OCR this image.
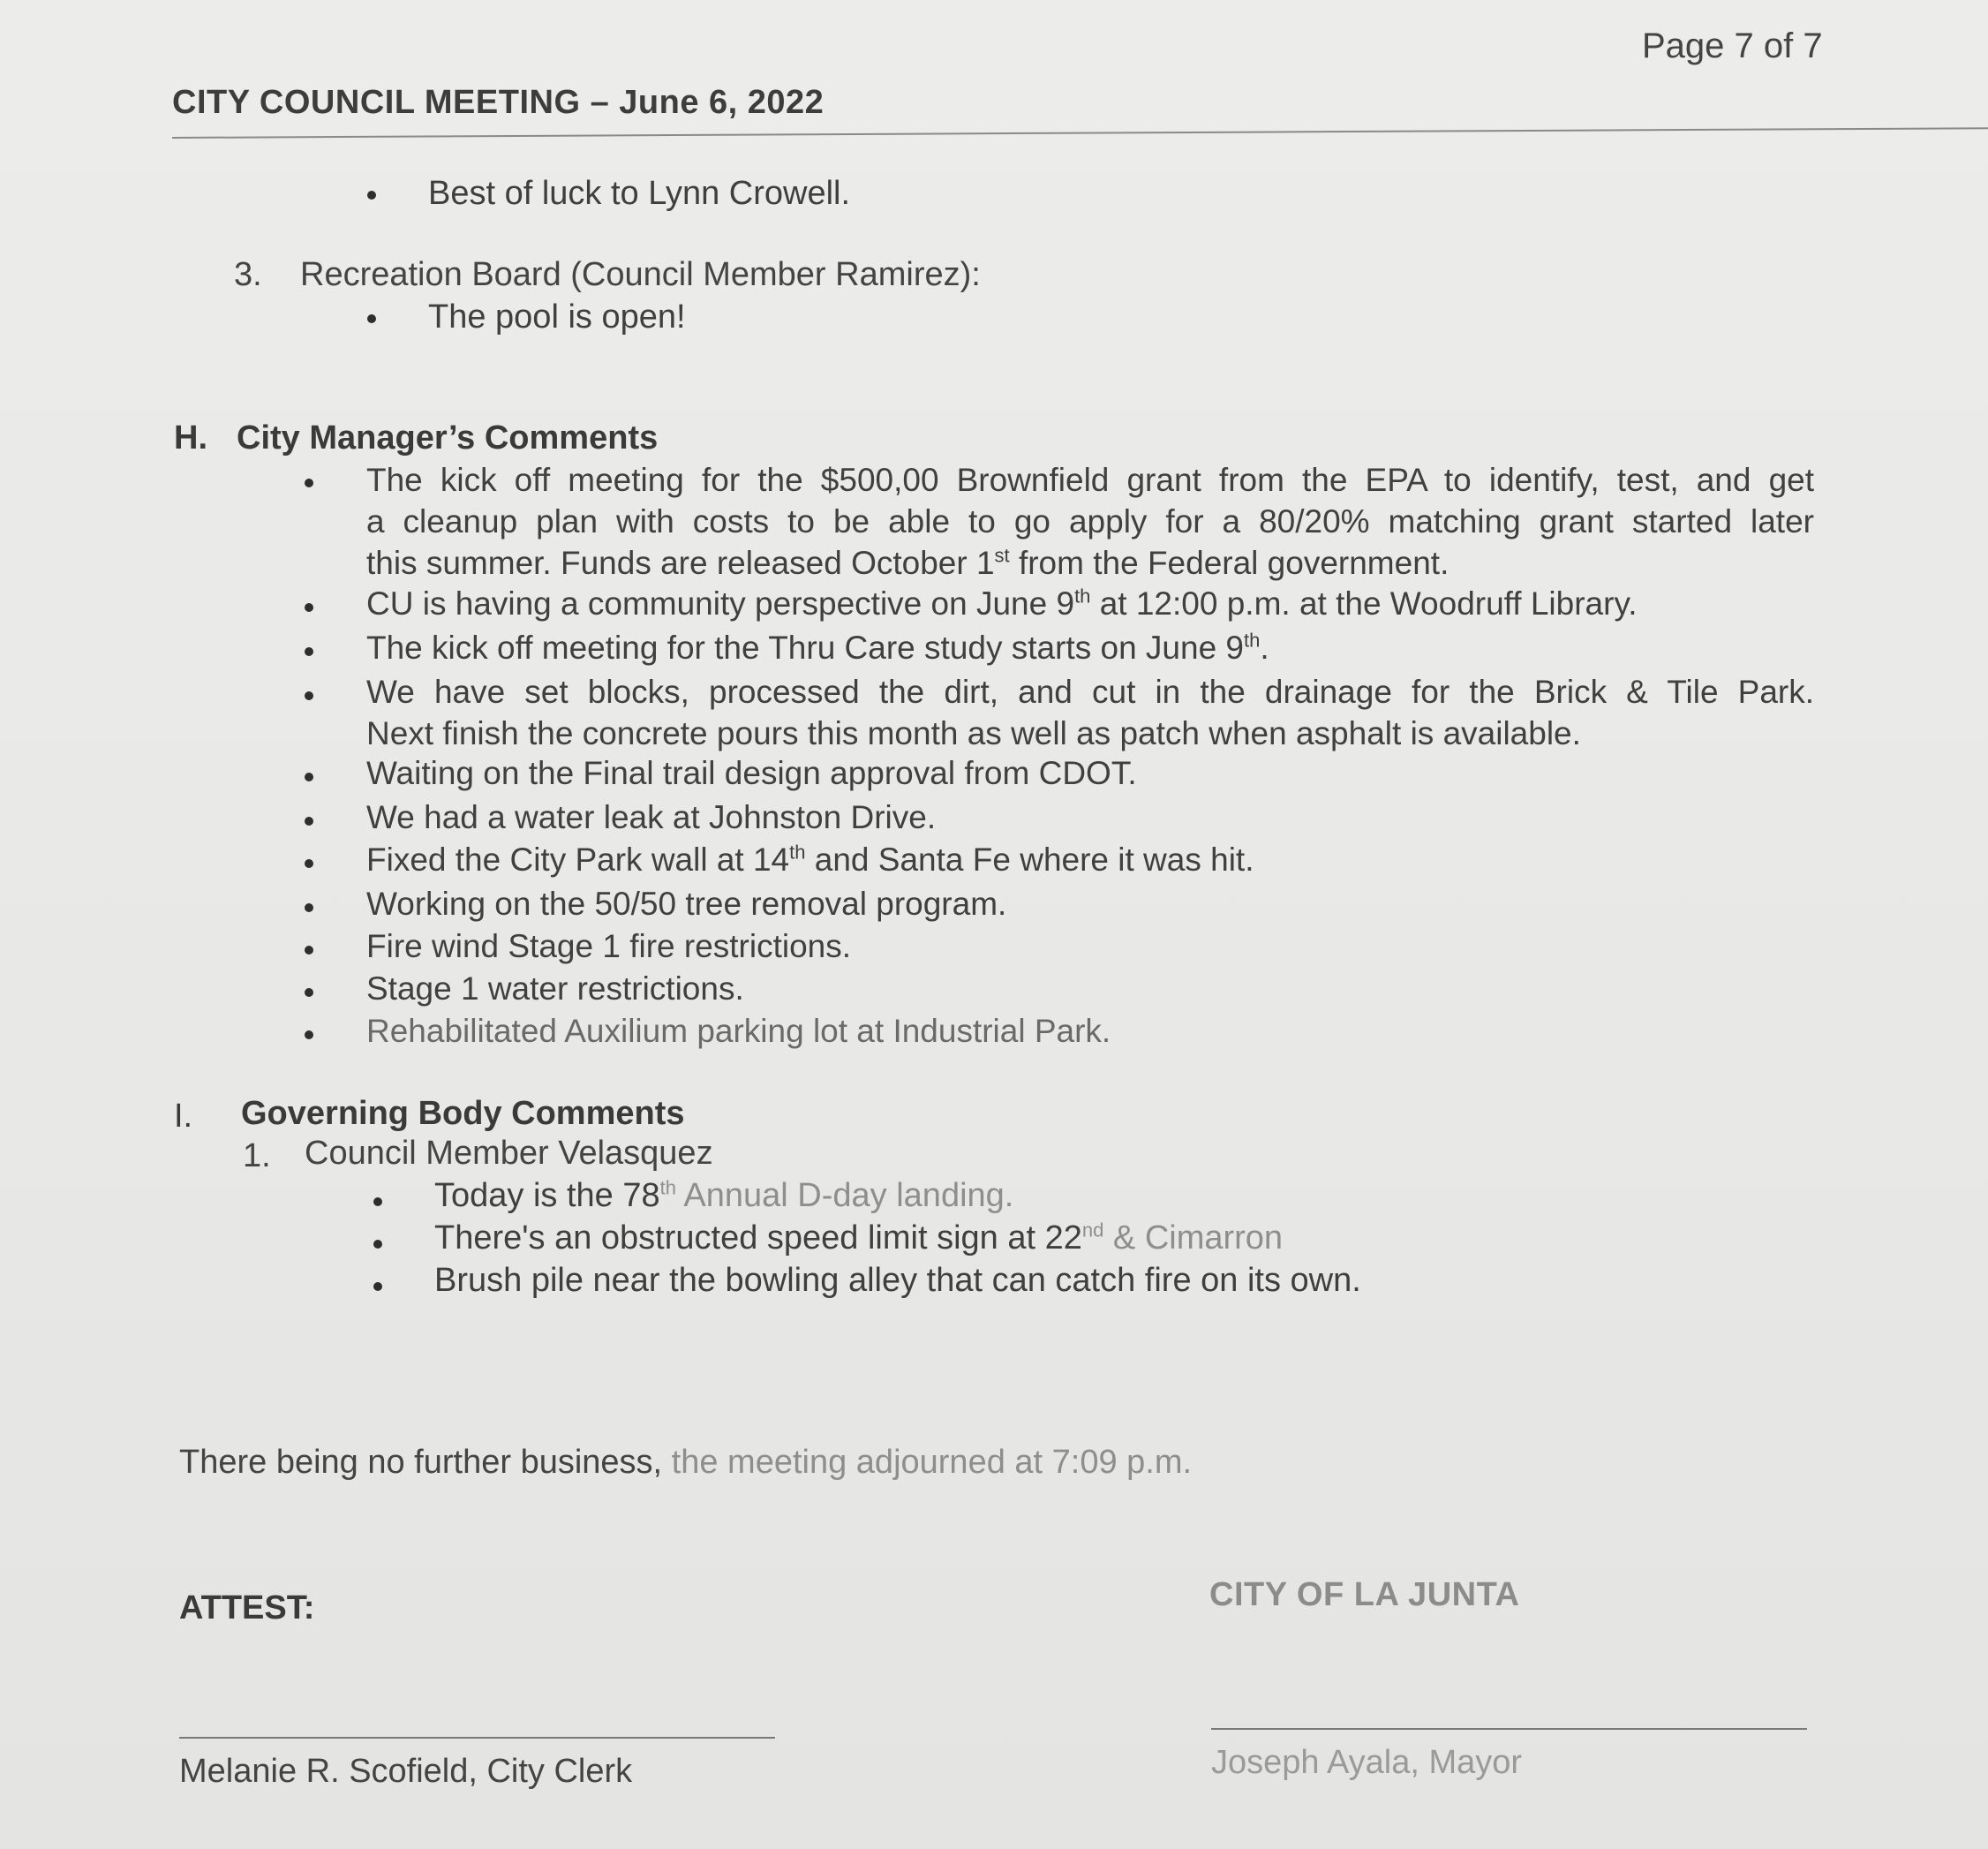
Page 7 of 7
CITY COUNCIL MEETING – June 6, 2022
Best of luck to Lynn Crowell.
3. Recreation Board (Council Member Ramirez):
The pool is open!
H. City Manager’s Comments
The kick off meeting for the $500,00 Brownfield grant from the EPA to identify, test, and get
a cleanup plan with costs to be able to go apply for a 80/20% matching grant started later
this summer. Funds are released October 1st from the Federal government.
CU is having a community perspective on June 9th at 12:00 p.m. at the Woodruff Library.
The kick off meeting for the Thru Care study starts on June 9th.
We have set blocks, processed the dirt, and cut in the drainage for the Brick & Tile Park.
Next finish the concrete pours this month as well as patch when asphalt is available.
Waiting on the Final trail design approval from CDOT.
We had a water leak at Johnston Drive.
Fixed the City Park wall at 14th and Santa Fe where it was hit.
Working on the 50/50 tree removal program.
Fire wind Stage 1 fire restrictions.
Stage 1 water restrictions.
Rehabilitated Auxilium parking lot at Industrial Park.
I. Governing Body Comments
1. Council Member Velasquez
Today is the 78th Annual D-day landing.
There's an obstructed speed limit sign at 22nd & Cimarron
Brush pile near the bowling alley that can catch fire on its own.
There being no further business, the meeting adjourned at 7:09 p.m.
ATTEST:	CITY OF LA JUNTA
Melanie R. Scofield, City Clerk	Joseph Ayala, Mayor
